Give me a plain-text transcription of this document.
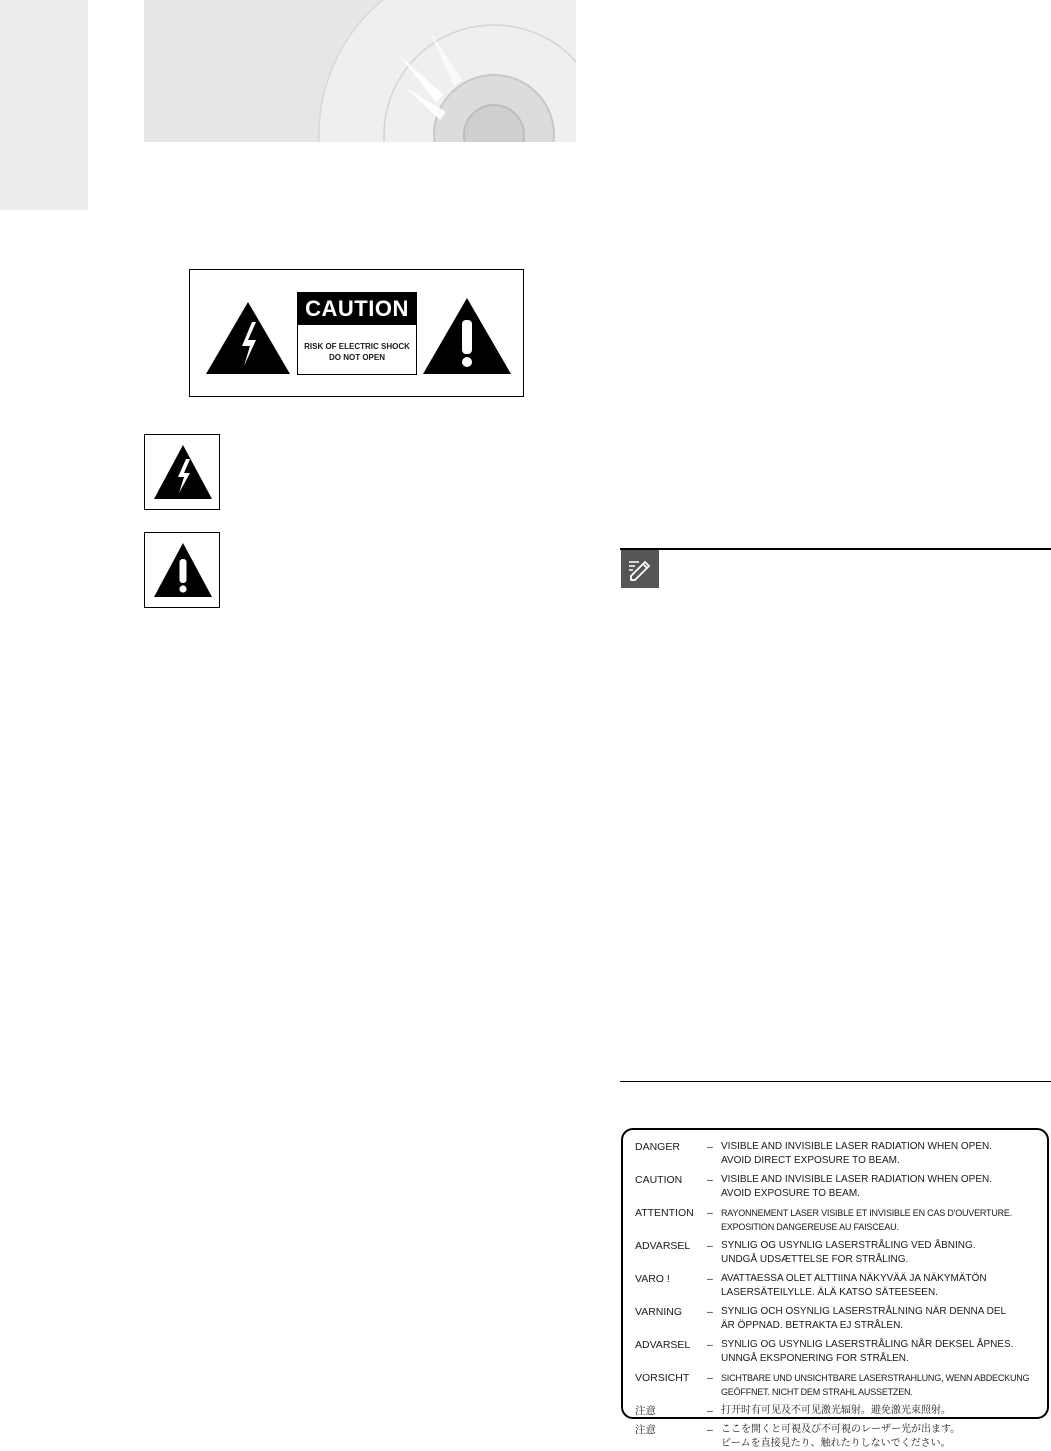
CAUTION
RISK OF ELECTRIC SHOCK
DO NOT OPEN
DANGER	– VISIBLE AND INVISIBLE LASER RADIATION WHEN OPEN.
AVOID DIRECT EXPOSURE TO BEAM.
CAUTION	– VISIBLE AND INVISIBLE LASER RADIATION WHEN OPEN.
AVOID EXPOSURE TO BEAM.
ATTENTION	– RAYONNEMENT LASER VISIBLE ET INVISIBLE EN CAS D'OUVERTURE.
EXPOSITION DANGEREUSE AU FAISCEAU.
ADVARSEL	– SYNLIG OG USYNLIG LASERSTRÅLING VED ÅBNING.
UNDGÅ UDSÆTTELSE FOR STRÅLING.
VARO !	– AVATTAESSA OLET ALTTIINA NÄKYVÄÄ JA NÄKYMÄTÖN
LASERSÄTEILYLLE. ÄLÄ KATSO SÄTEESEEN.
VARNING	– SYNLIG OCH OSYNLIG LASERSTRÅLNING NÄR DENNA DEL
ÄR ÖPPNAD. BETRAKTA EJ STRÅLEN.
ADVARSEL	– SYNLIG OG USYNLIG LASERSTRÅLING NÅR DEKSEL ÅPNES.
UNNGÅ EKSPONERING FOR STRÅLEN.
VORSICHT	– SICHTBARE UND UNSICHTBARE LASERSTRAHLUNG, WENN ABDECKUNG
GEÖFFNET. NICHT DEM STRAHL AUSSETZEN.
注意	– 打开时有可见及不可见激光辐射。避免激光束照射。
注意	– ここを開くと可視及び不可視のレーザー光が出ます。
ビームを直接見たり、触れたりしないでください。
